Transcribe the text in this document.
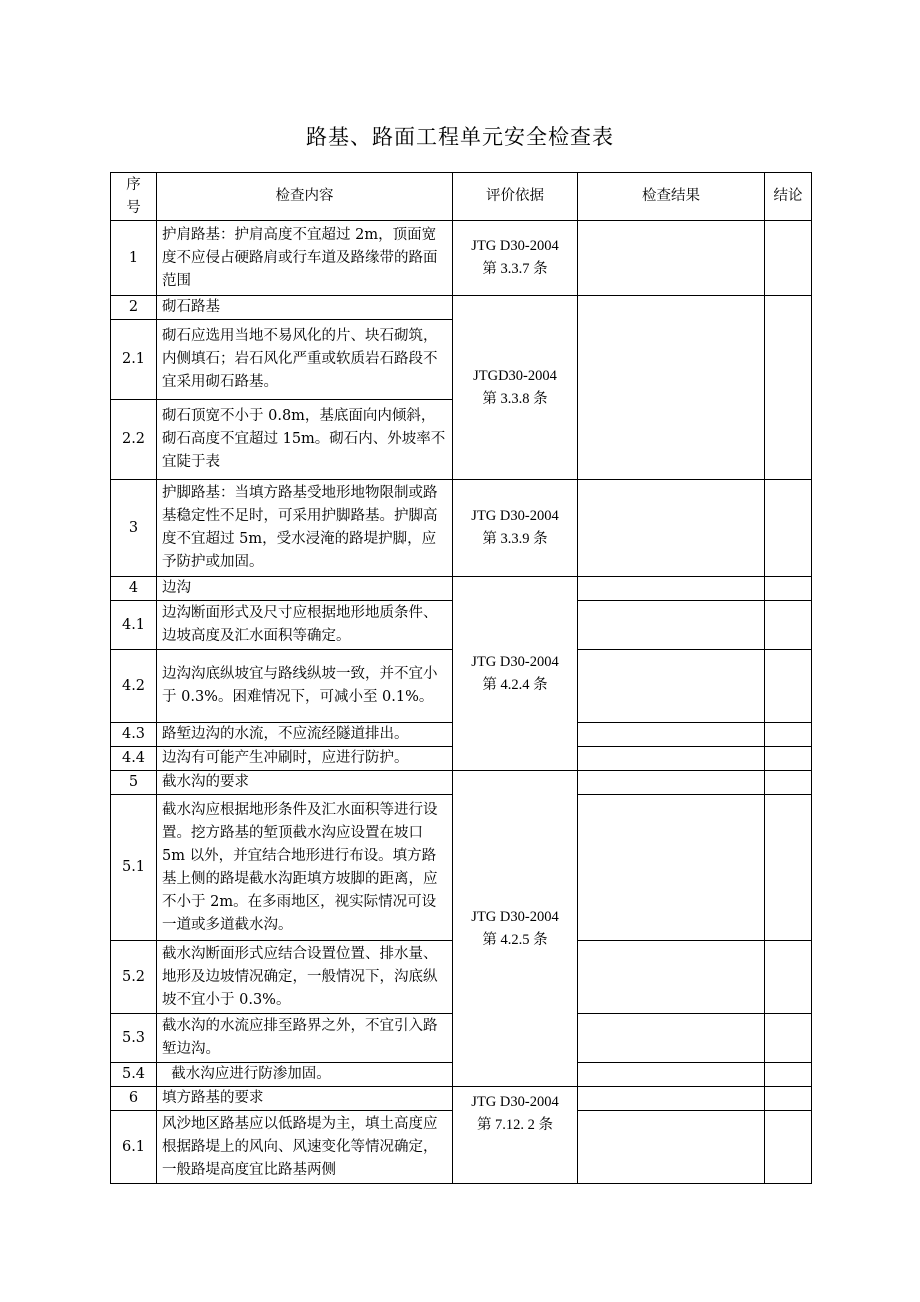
路基、路面工程单元安全检查表
序号	检查内容	评价依据	检查结果	结论
1	护肩路基：护肩高度不宜超过 2m，顶面宽度不应侵占硬路肩或行车道及路缘带的路面范围	JTG D30-2004
第 3.3.7 条		

2	砌石路基	JTGD30-2004
第 3.3.8 条		

2.1	砌石应选用当地不易风化的片、块石砌筑，内侧填石；岩石风化严重或软质岩石路段不宜采用砌石路基。			
2.2	砌石顶宽不小于 0.8m，基底面向内倾斜，砌石高度不宜超过 15m。砌石内、外坡率不宜陡于表			
3	护脚路基：当填方路基受地形地物限制或路基稳定性不足时，可采用护脚路基。护脚高度不宜超过 5m，受水浸淹的路堤护脚，应予防护或加固。	JTG D30-2004
第 3.3.9 条		

4	边沟	JTG D30-2004
第 4.2.4 条		

4.1	边沟断面形式及尺寸应根据地形地质条件、边坡高度及汇水面积等确定。			
4.2	边沟沟底纵坡宜与路线纵坡一致，并不宜小于 0.3%。困难情况下，可减小至 0.1%。			
4.3	路堑边沟的水流，不应流经隧道排出。			
4.4	边沟有可能产生冲刷时，应进行防护。			
5	截水沟的要求	JTG D30-2004
第 4.2.5 条		

5.1	截水沟应根据地形条件及汇水面积等进行设置。挖方路基的堑顶截水沟应设置在坡口 5m 以外，并宜结合地形进行布设。填方路基上侧的路堤截水沟距填方坡脚的距离，应不小于 2m。在多雨地区，视实际情况可设一道或多道截水沟。			
5.2	截水沟断面形式应结合设置位置、排水量、地形及边坡情况确定，一般情况下，沟底纵坡不宜小于 0.3%。			
5.3	截水沟的水流应排至路界之外，不宜引入路堑边沟。			
5.4	截水沟应进行防渗加固。			
6	填方路基的要求	JTG D30-2004
第 7.12. 2 条		

6.1	风沙地区路基应以低路堤为主，填土高度应根据路堤上的风向、风速变化等情况确定，一般路堤高度宜比路基两侧			
